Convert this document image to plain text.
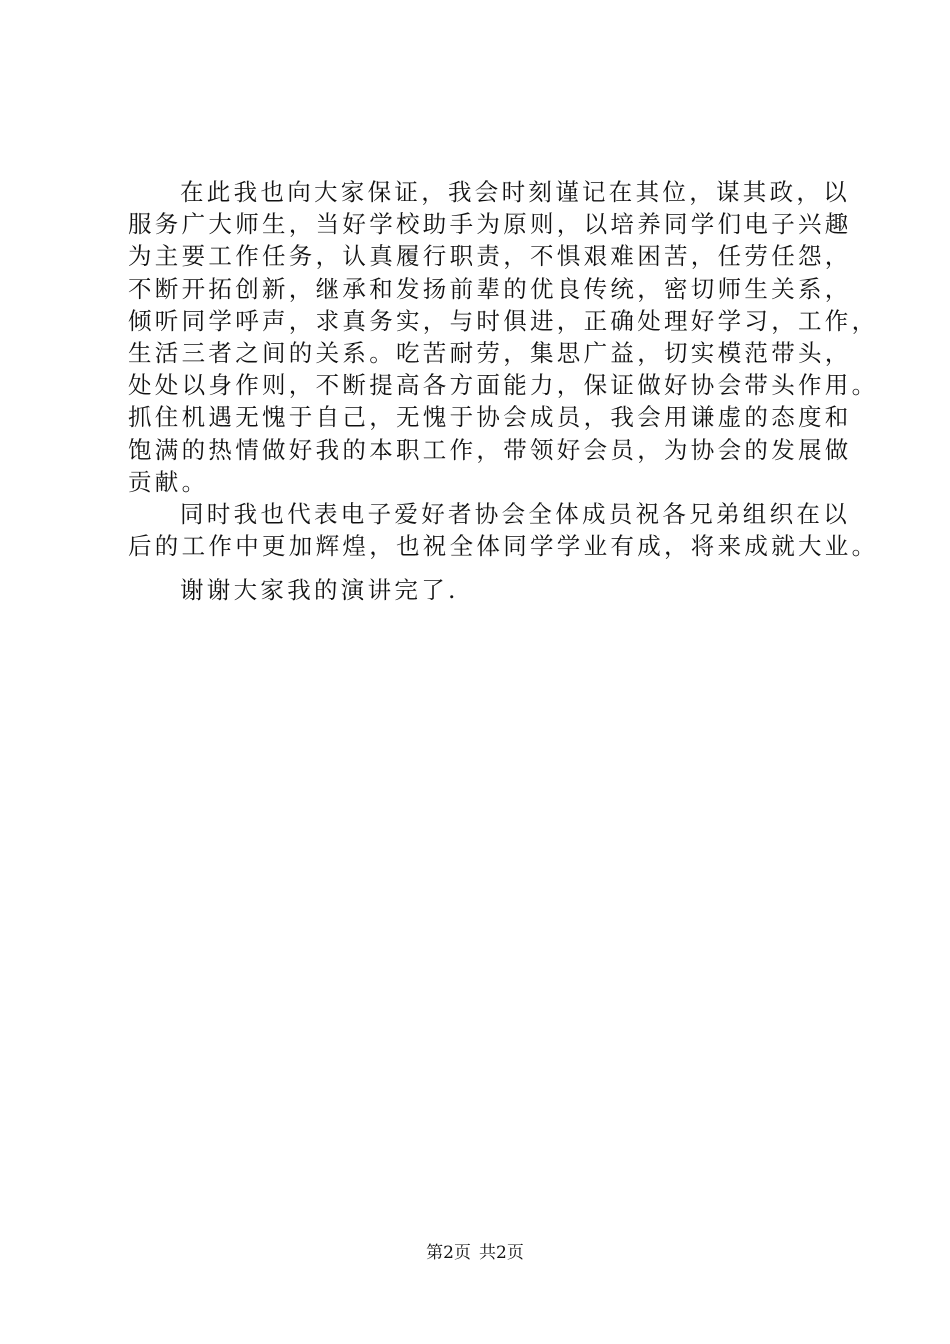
在此我也向大家保证，我会时刻谨记在其位，谋其政，以
服务广大师生，当好学校助手为原则，以培养同学们电子兴趣
为主要工作任务，认真履行职责，不惧艰难困苦，任劳任怨，
不断开拓创新，继承和发扬前辈的优良传统，密切师生关系，
倾听同学呼声，求真务实，与时俱进，正确处理好学习，工作，
生活三者之间的关系。吃苦耐劳，集思广益，切实模范带头，
处处以身作则，不断提高各方面能力，保证做好协会带头作用。
抓住机遇无愧于自己，无愧于协会成员，我会用谦虚的态度和
饱满的热情做好我的本职工作，带领好会员，为协会的发展做
贡献。
同时我也代表电子爱好者协会全体成员祝各兄弟组织在以
后的工作中更加辉煌，也祝全体同学学业有成，将来成就大业。
谢谢大家我的演讲完了.
第2页 共2页
